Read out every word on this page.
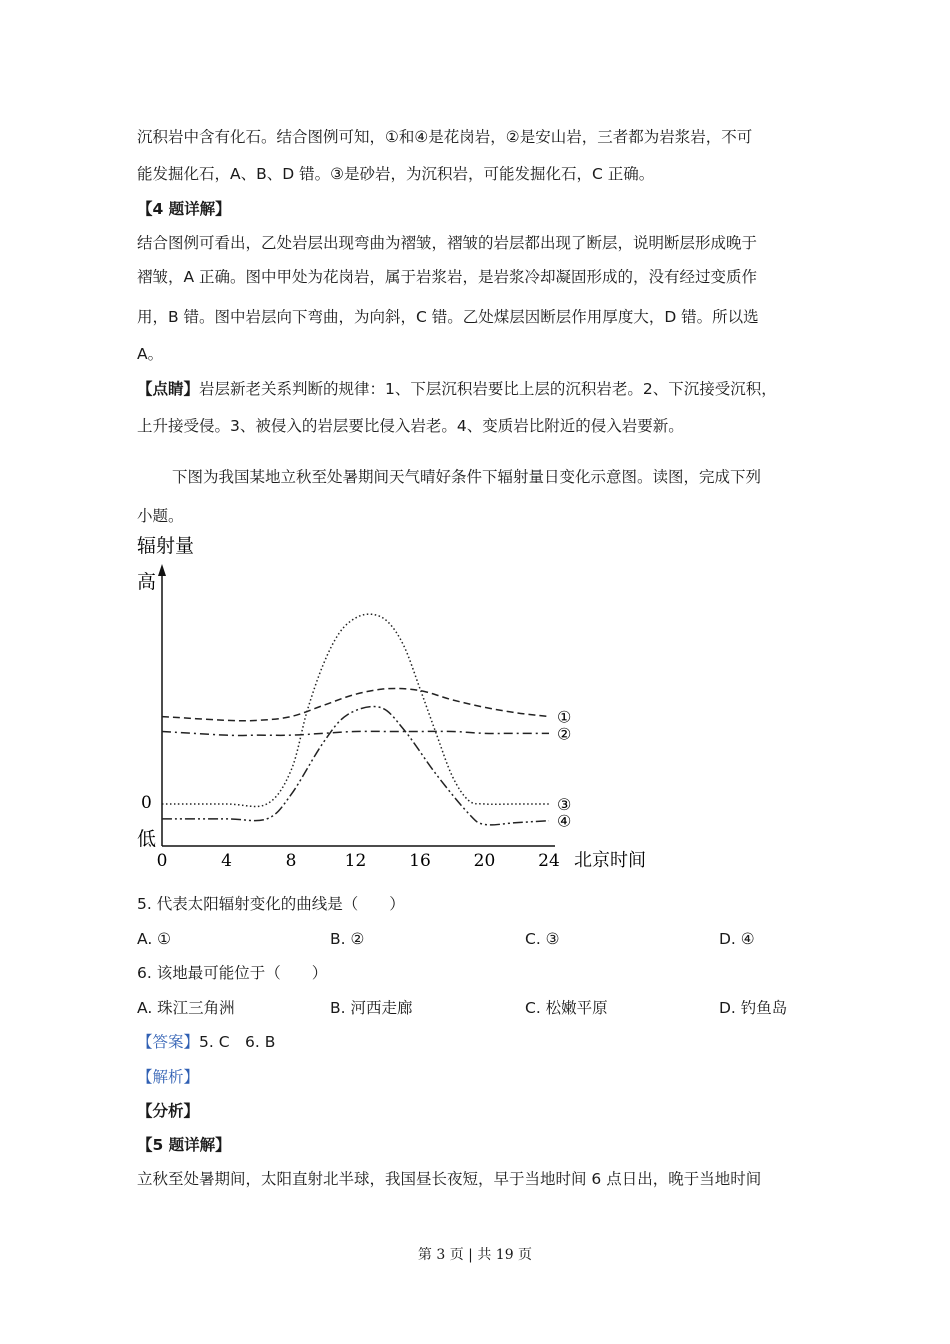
沉积岩中含有化石。结合图例可知，①和④是花岗岩，②是安山岩，三者都为岩浆岩，不可
能发掘化石，A、B、D 错。③是砂岩，为沉积岩，可能发掘化石，C 正确。
【4 题详解】
结合图例可看出，乙处岩层出现弯曲为褶皱，褶皱的岩层都出现了断层，说明断层形成晚于
褶皱，A 正确。图中甲处为花岗岩，属于岩浆岩，是岩浆冷却凝固形成的，没有经过变质作
用，B 错。图中岩层向下弯曲，为向斜，C 错。乙处煤层因断层作用厚度大，D 错。所以选
A。
【点睛】岩层新老关系判断的规律：1、下层沉积岩要比上层的沉积岩老。2、下沉接受沉积，
上升接受侵。3、被侵入的岩层要比侵入岩老。4、变质岩比附近的侵入岩要新。
下图为我国某地立秋至处暑期间天气晴好条件下辐射量日变化示意图。读图，完成下列
小题。
辐射量
高
0
低
0	4	8	12	16	20	24 北京时间
①
②
③
④
5. 代表太阳辐射变化的曲线是（　　）
A. ①	B. ②	C. ③	D. ④
6. 该地最可能位于（　　）
A. 珠江三角洲	B. 河西走廊	C. 松嫩平原	D. 钓鱼岛
【答案】5. C　6. B
【解析】
【分析】
【5 题详解】
立秋至处暑期间，太阳直射北半球，我国昼长夜短，早于当地时间 6 点日出，晚于当地时间
第 3 页 | 共 19 页
